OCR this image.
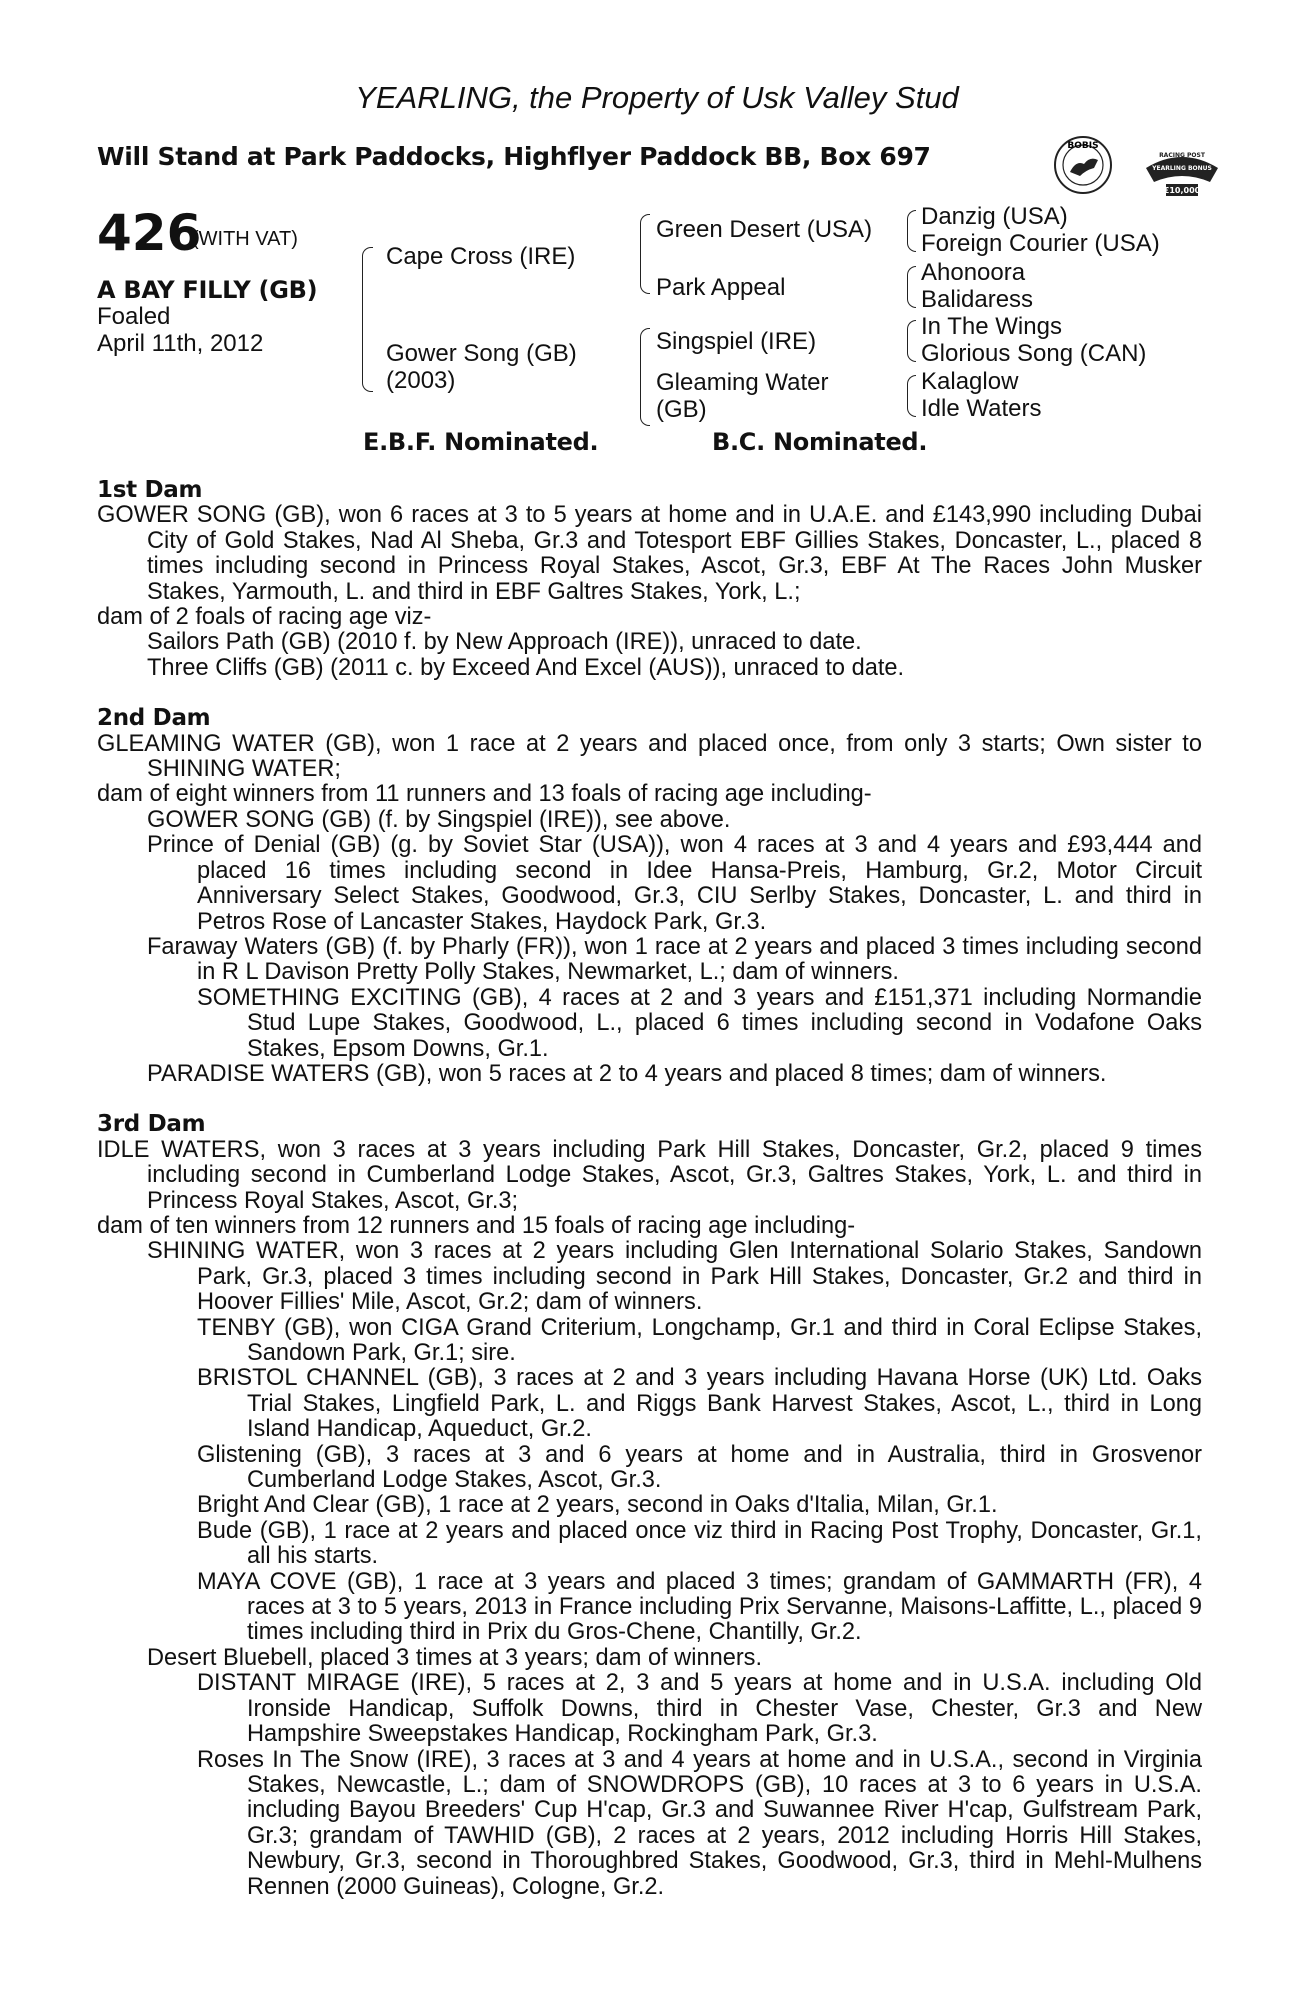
YEARLING, the Property of Usk Valley Stud
Will Stand at Park Paddocks, Highflyer Paddock BB, Box 697	BOBIS
RACING POST
YEARLING BONUS
£10,000
426
(WITH VAT)
A BAY FILLY (GB)
Foaled
April 11th, 2012
Cape Cross (IRE)
Gower Song (GB)
(2003)
Green Desert (USA)
Park Appeal
Singspiel (IRE)
Gleaming Water
(GB)
Danzig (USA)
Foreign Courier (USA)
Ahonoora
Balidaress
In The Wings
Glorious Song (CAN)
Kalaglow
Idle Waters
E.B.F. Nominated.	B.C. Nominated.

1st Dam

GOWER SONG (GB), won 6 races at 3 to 5 years at home and in U.A.E. and £143,990 including Dubai City of Gold Stakes, Nad Al Sheba, Gr.3 and Totesport EBF Gillies Stakes, Doncaster, L., placed 8 times including second in Princess Royal Stakes, Ascot, Gr.3, EBF At The Races John Musker Stakes, Yarmouth, L. and third in EBF Galtres Stakes, York, L.;

dam of 2 foals of racing age viz-

Sailors Path (GB) (2010 f. by New Approach (IRE)), unraced to date.

Three Cliffs (GB) (2011 c. by Exceed And Excel (AUS)), unraced to date.

2nd Dam

GLEAMING WATER (GB), won 1 race at 2 years and placed once, from only 3 starts; Own sister to SHINING WATER;

dam of eight winners from 11 runners and 13 foals of racing age including-

GOWER SONG (GB) (f. by Singspiel (IRE)), see above.

Prince of Denial (GB) (g. by Soviet Star (USA)), won 4 races at 3 and 4 years and £93,444 and placed 16 times including second in Idee Hansa-Preis, Hamburg, Gr.2, Motor Circuit Anniversary Select Stakes, Goodwood, Gr.3, CIU Serlby Stakes, Doncaster, L. and third in Petros Rose of Lancaster Stakes, Haydock Park, Gr.3.

Faraway Waters (GB) (f. by Pharly (FR)), won 1 race at 2 years and placed 3 times including second in R L Davison Pretty Polly Stakes, Newmarket, L.; dam of winners.

SOMETHING EXCITING (GB), 4 races at 2 and 3 years and £151,371 including Normandie Stud Lupe Stakes, Goodwood, L., placed 6 times including second in Vodafone Oaks Stakes, Epsom Downs, Gr.1.

PARADISE WATERS (GB), won 5 races at 2 to 4 years and placed 8 times; dam of winners.

3rd Dam

IDLE WATERS, won 3 races at 3 years including Park Hill Stakes, Doncaster, Gr.2, placed 9 times including second in Cumberland Lodge Stakes, Ascot, Gr.3, Galtres Stakes, York, L. and third in Princess Royal Stakes, Ascot, Gr.3;

dam of ten winners from 12 runners and 15 foals of racing age including-

SHINING WATER, won 3 races at 2 years including Glen International Solario Stakes, Sandown Park, Gr.3, placed 3 times including second in Park Hill Stakes, Doncaster, Gr.2 and third in Hoover Fillies' Mile, Ascot, Gr.2; dam of winners.

TENBY (GB), won CIGA Grand Criterium, Longchamp, Gr.1 and third in Coral Eclipse Stakes, Sandown Park, Gr.1; sire.

BRISTOL CHANNEL (GB), 3 races at 2 and 3 years including Havana Horse (UK) Ltd. Oaks Trial Stakes, Lingfield Park, L. and Riggs Bank Harvest Stakes, Ascot, L., third in Long Island Handicap, Aqueduct, Gr.2.

Glistening (GB), 3 races at 3 and 6 years at home and in Australia, third in Grosvenor Cumberland Lodge Stakes, Ascot, Gr.3.

Bright And Clear (GB), 1 race at 2 years, second in Oaks d'Italia, Milan, Gr.1.

Bude (GB), 1 race at 2 years and placed once viz third in Racing Post Trophy, Doncaster, Gr.1, all his starts.

MAYA COVE (GB), 1 race at 3 years and placed 3 times; grandam of GAMMARTH (FR), 4 races at 3 to 5 years, 2013 in France including Prix Servanne, Maisons-Laffitte, L., placed 9 times including third in Prix du Gros-Chene, Chantilly, Gr.2.

Desert Bluebell, placed 3 times at 3 years; dam of winners.

DISTANT MIRAGE (IRE), 5 races at 2, 3 and 5 years at home and in U.S.A. including Old Ironside Handicap, Suffolk Downs, third in Chester Vase, Chester, Gr.3 and New Hampshire Sweepstakes Handicap, Rockingham Park, Gr.3.

Roses In The Snow (IRE), 3 races at 3 and 4 years at home and in U.S.A., second in Virginia Stakes, Newcastle, L.; dam of SNOWDROPS (GB), 10 races at 3 to 6 years in U.S.A. including Bayou Breeders' Cup H'cap, Gr.3 and Suwannee River H'cap, Gulfstream Park, Gr.3; grandam of TAWHID (GB), 2 races at 2 years, 2012 including Horris Hill Stakes, Newbury, Gr.3, second in Thoroughbred Stakes, Goodwood, Gr.3, third in Mehl-Mulhens Rennen (2000 Guineas), Cologne, Gr.2.
